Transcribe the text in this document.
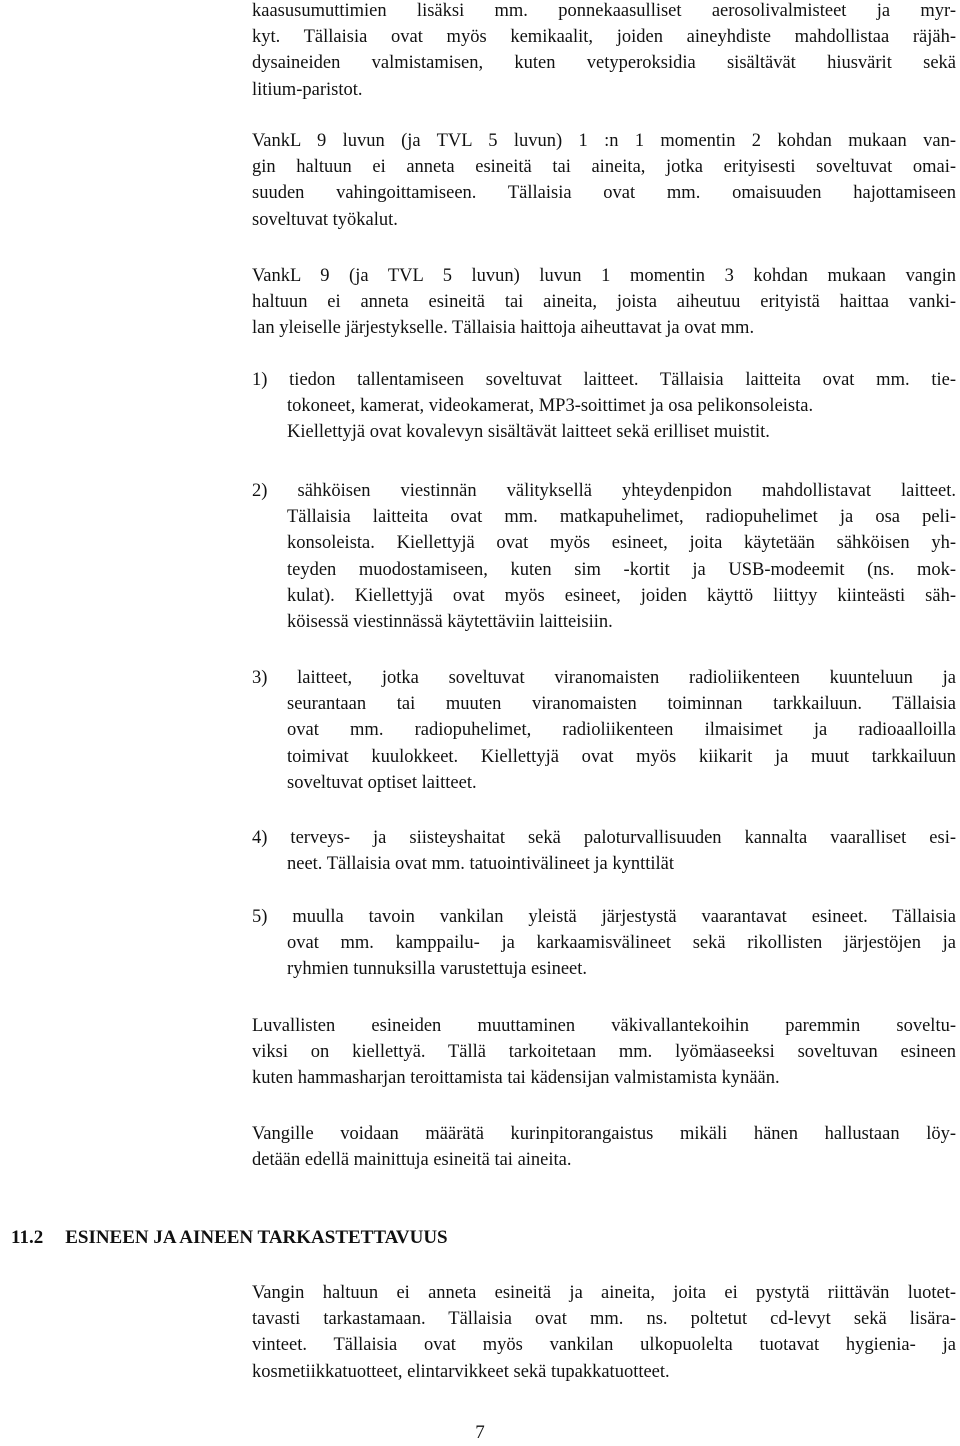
kaasusumuttimien lisäksi mm. ponnekaasulliset aerosolivalmisteet ja myr-
kyt. Tällaisia ovat myös kemikaalit, joiden aineyhdiste mahdollistaa räjäh-
dysaineiden valmistamisen, kuten vetyperoksidia sisältävät hiusvärit sekä
litium-paristot.
VankL 9 luvun (ja TVL 5 luvun) 1 :n 1 momentin 2 kohdan mukaan van-
gin haltuun ei anneta esineitä tai aineita, jotka erityisesti soveltuvat omai-
suuden vahingoittamiseen. Tällaisia ovat mm. omaisuuden hajottamiseen
soveltuvat työkalut.
VankL 9 (ja TVL 5 luvun) luvun 1 momentin 3 kohdan mukaan vangin
haltuun ei anneta esineitä tai aineita, joista aiheutuu erityistä haittaa vanki-
lan yleiselle järjestykselle. Tällaisia haittoja aiheuttavat ja ovat mm.
1) tiedon tallentamiseen soveltuvat laitteet. Tällaisia laitteita ovat mm. tie-
tokoneet, kamerat, videokamerat, MP3-soittimet ja osa pelikonsoleista.
Kiellettyjä ovat kovalevyn sisältävät laitteet sekä erilliset muistit.
2) sähköisen viestinnän välityksellä yhteydenpidon mahdollistavat laitteet.
Tällaisia laitteita ovat mm. matkapuhelimet, radiopuhelimet ja osa peli-
konsoleista. Kiellettyjä ovat myös esineet, joita käytetään sähköisen yh-
teyden muodostamiseen, kuten sim -kortit ja USB-modeemit (ns. mok-
kulat). Kiellettyjä ovat myös esineet, joiden käyttö liittyy kiinteästi säh-
köisessä viestinnässä käytettäviin laitteisiin.
3) laitteet, jotka soveltuvat viranomaisten radioliikenteen kuunteluun ja
seurantaan tai muuten viranomaisten toiminnan tarkkailuun. Tällaisia
ovat mm. radiopuhelimet, radioliikenteen ilmaisimet ja radioaalloilla
toimivat kuulokkeet. Kiellettyjä ovat myös kiikarit ja muut tarkkailuun
soveltuvat optiset laitteet.
4) terveys- ja siisteyshaitat sekä paloturvallisuuden kannalta vaaralliset esi-
neet. Tällaisia ovat mm. tatuointivälineet ja kynttilät
5) muulla tavoin vankilan yleistä järjestystä vaarantavat esineet. Tällaisia
ovat mm. kamppailu- ja karkaamisvälineet sekä rikollisten järjestöjen ja
ryhmien tunnuksilla varustettuja esineet.
Luvallisten esineiden muuttaminen väkivallantekoihin paremmin soveltu-
viksi on kiellettyä. Tällä tarkoitetaan mm. lyömäaseeksi soveltuvan esineen
kuten hammasharjan teroittamista tai kädensijan valmistamista kynään.
Vangille voidaan määrätä kurinpitorangaistus mikäli hänen hallustaan löy-
detään edellä mainittuja esineitä tai aineita.
11.2 ESINEEN JA AINEEN TARKASTETTAVUUS
Vangin haltuun ei anneta esineitä ja aineita, joita ei pystytä riittävän luotet-
tavasti tarkastamaan. Tällaisia ovat mm. ns. poltetut cd-levyt sekä lisära-
vinteet. Tällaisia ovat myös vankilan ulkopuolelta tuotavat hygienia- ja
kosmetiikkatuotteet, elintarvikkeet sekä tupakkatuotteet.
7
